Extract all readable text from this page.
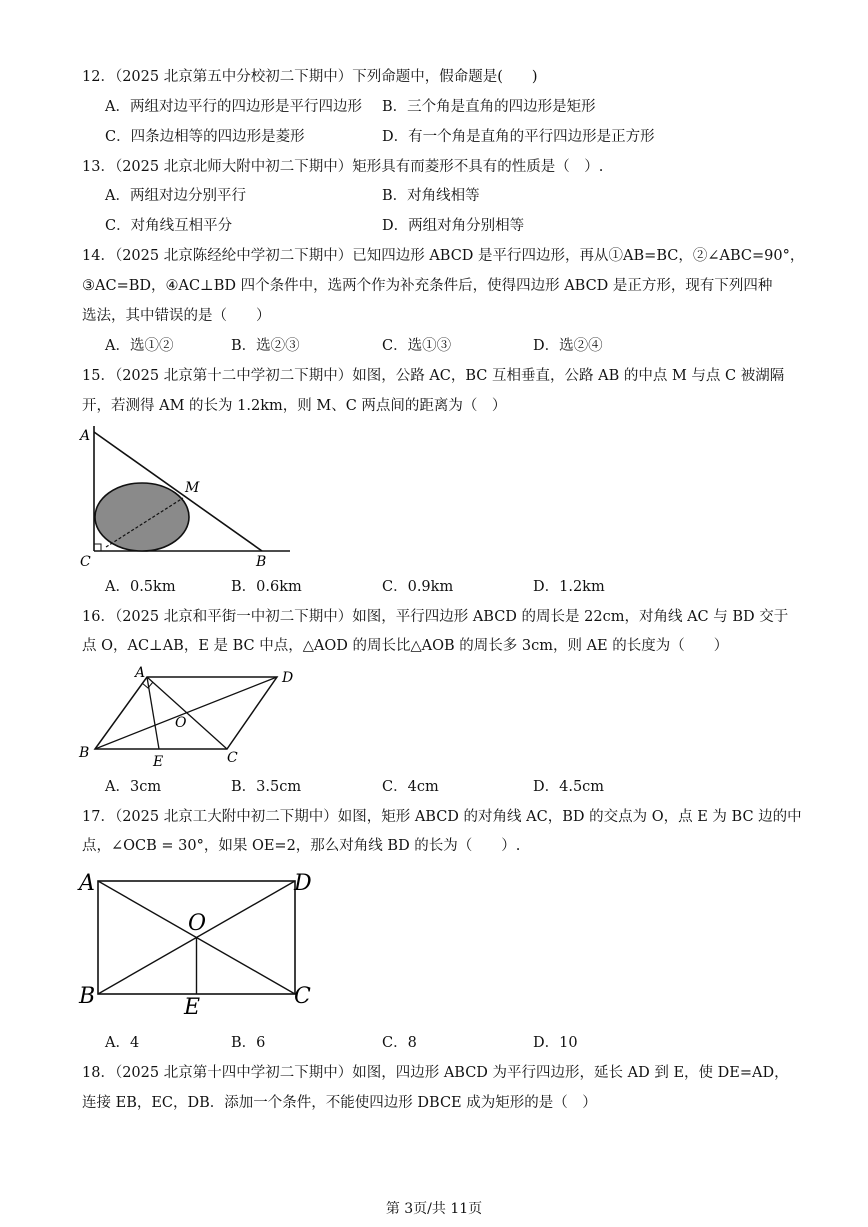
12．（2025 北京第五中分校初二下期中）下列命题中，假命题是(　　)
A．两组对边平行的四边形是平行四边形 B．三个角是直角的四边形是矩形
C．四条边相等的四边形是菱形	D．有一个角是直角的平行四边形是正方形
13．（2025 北京北师大附中初二下期中）矩形具有而菱形不具有的性质是（　）.
A．两组对边分别平行	B．对角线相等
C．对角线互相平分	D．两组对角分别相等
14．（2025 北京陈经纶中学初二下期中）已知四边形 ABCD 是平行四边形，再从①AB=BC，②∠ABC=90°，
③AC=BD，④AC⊥BD 四个条件中，选两个作为补充条件后，使得四边形 ABCD 是正方形，现有下列四种
选法，其中错误的是（　　）
A．选①②	B．选②③	C．选①③	D．选②④
15．（2025 北京第十二中学初二下期中）如图，公路 AC，BC 互相垂直，公路 AB 的中点 M 与点 C 被湖隔
开，若测得 AM 的长为 1.2km，则 M、C 两点间的距离为（　）
A
M
C	B
A．0.5km	B．0.6km	C．0.9km	D．1.2km
16．（2025 北京和平街一中初二下期中）如图，平行四边形 ABCD 的周长是 22cm，对角线 AC 与 BD 交于
点 O，AC⊥AB，E 是 BC 中点，△AOD 的周长比△AOB 的周长多 3cm，则 AE 的长度为（　　）
A	D
O
B
E	C
A．3cm	B．3.5cm	C．4cm	D．4.5cm
17．（2025 北京工大附中初二下期中）如图，矩形 ABCD 的对角线 AC，BD 的交点为 O，点 E 为 BC 边的中
点，∠OCB = 30°，如果 OE=2，那么对角线 BD 的长为（　　）.
A	D
O
B	E	C
A．4	B．6	C．8	D．10
18．（2025 北京第十四中学初二下期中）如图，四边形 ABCD 为平行四边形，延长 AD 到 E，使 DE=AD，
连接 EB，EC，DB．添加一个条件，不能使四边形 DBCE 成为矩形的是（　）
第 3页/共 11页
